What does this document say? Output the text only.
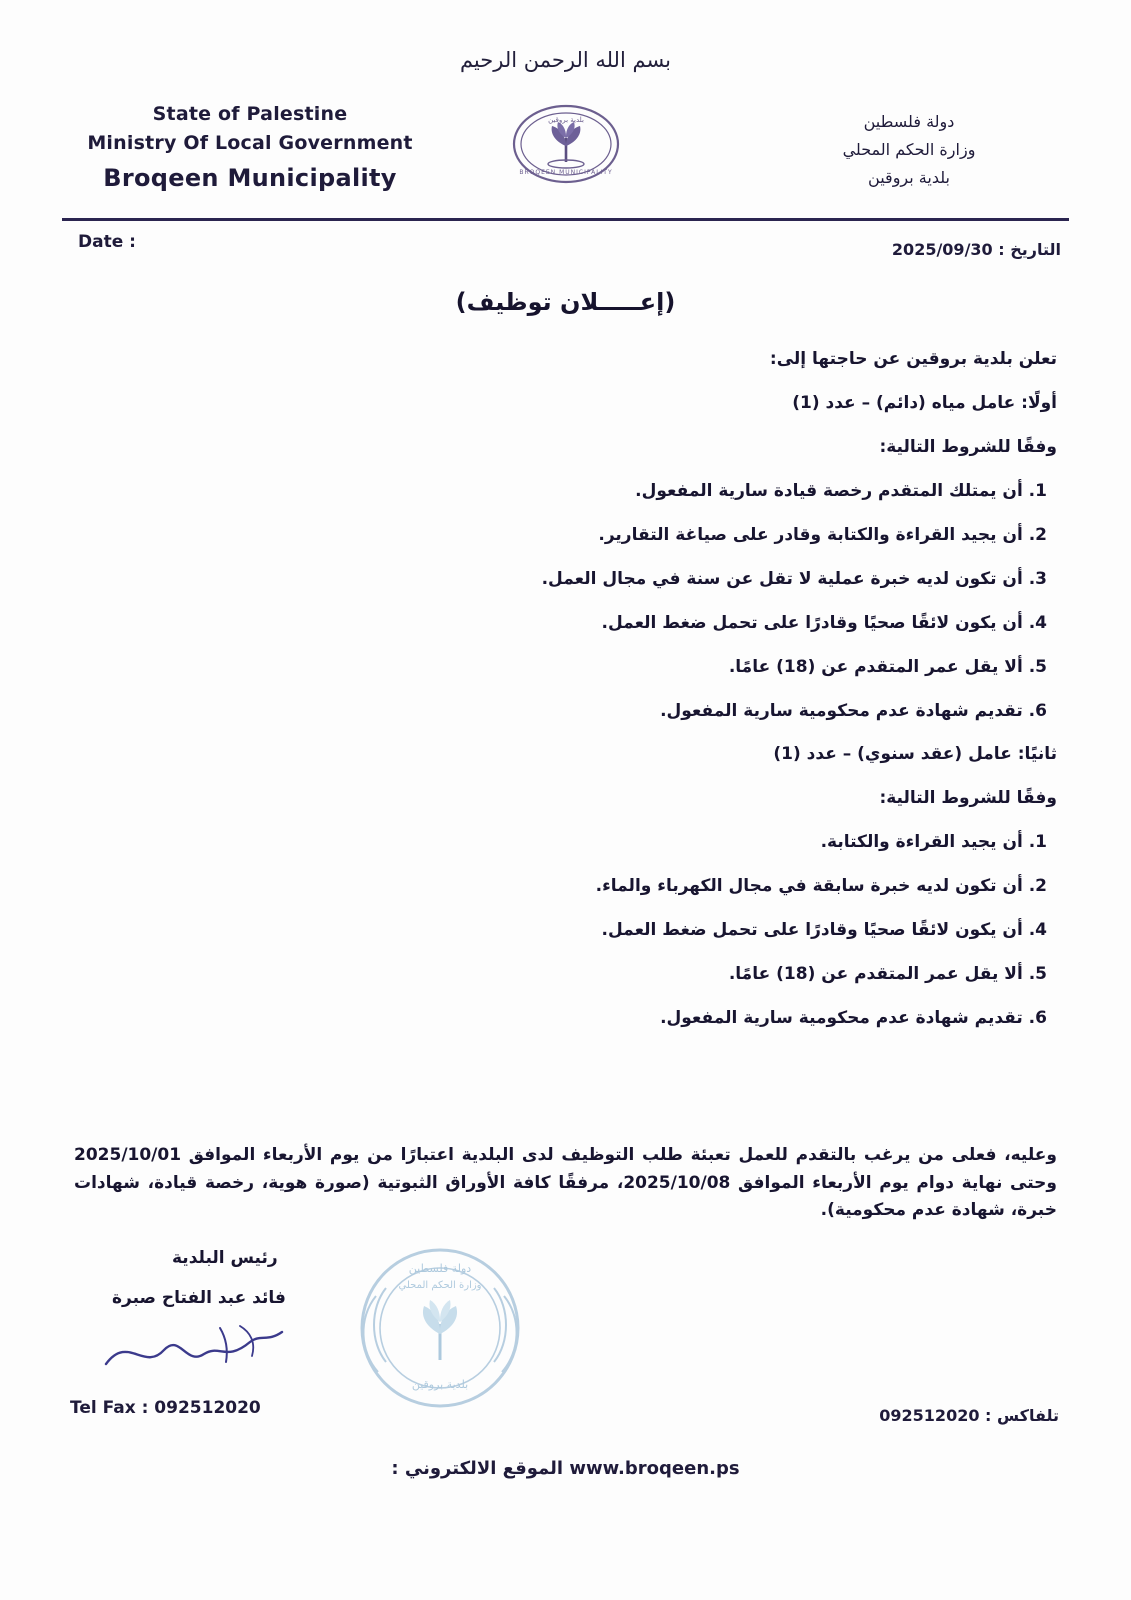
بسم الله الرحمن الرحيم
State of Palestine
Ministry Of Local Government
Broqeen Municipality
دولة فلسطين
وزارة الحكم المحلي
بلدية بروقين
بلدية بروقين
BROQEEN MUNICIPALITY
Date :	التاريخ : 2025/09/30
(إعـــــلان توظيف)

تعلن بلدية بروقين عن حاجتها إلى:

أولًا: عامل مياه (دائم) – عدد (1)

وفقًا للشروط التالية:

1. أن يمتلك المتقدم رخصة قيادة سارية المفعول.

2. أن يجيد القراءة والكتابة وقادر على صياغة التقارير.

3. أن تكون لديه خبرة عملية لا تقل عن سنة في مجال العمل.

4. أن يكون لائقًا صحيًا وقادرًا على تحمل ضغط العمل.

5. ألا يقل عمر المتقدم عن (18) عامًا.

6. تقديم شهادة عدم محكومية سارية المفعول.

ثانيًا: عامل (عقد سنوي) – عدد (1)

وفقًا للشروط التالية:

1. أن يجيد القراءة والكتابة.

2. أن تكون لديه خبرة سابقة في مجال الكهرباء والماء.

4. أن يكون لائقًا صحيًا وقادرًا على تحمل ضغط العمل.

5. ألا يقل عمر المتقدم عن (18) عامًا.

6. تقديم شهادة عدم محكومية سارية المفعول.

وعليه، فعلى من يرغب بالتقدم للعمل تعبئة طلب التوظيف لدى البلدية اعتبارًا من يوم الأربعاء الموافق 2025/10/01 وحتى نهاية دوام يوم الأربعاء الموافق 2025/10/08، مرفقًا كافة الأوراق الثبوتية (صورة هوية، رخصة قيادة، شهادات خبرة، شهادة عدم محكومية).
رئيس البلدية
فائد عبد الفتاح صبرة
دولة فلسطين
وزارة الحكم المحلي
بلدية بروقين
Tel Fax : 092512020	تلفاكس : 092512020
www.broqeen.ps الموقع الالكتروني :
